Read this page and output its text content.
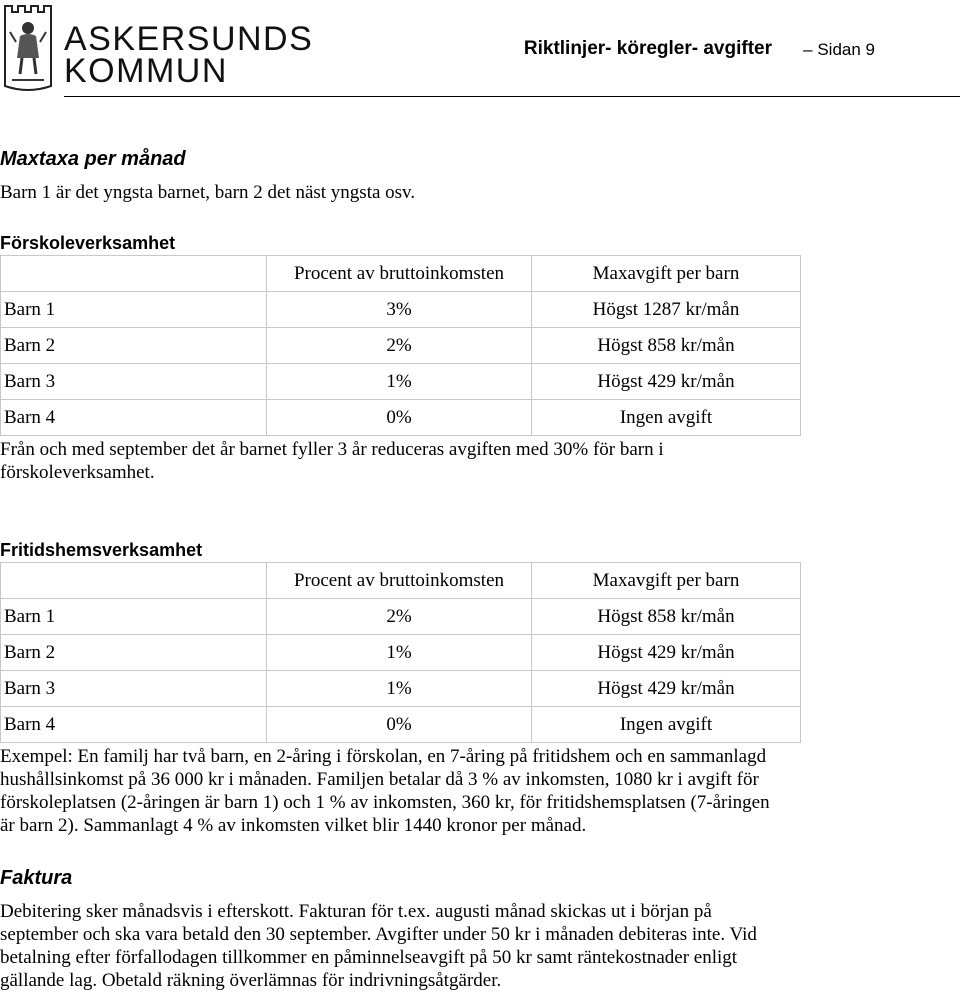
ASKERSUNDS
KOMMUN
Riktlinjer- köregler- avgifter – Sidan 9
Maxtaxa per månad
Barn 1 är det yngsta barnet, barn 2 det näst yngsta osv.
Förskoleverksamhet
	Procent av bruttoinkomsten	Maxavgift per barn
Barn 1	3%	Högst 1287 kr/mån
Barn 2	2%	Högst 858 kr/mån
Barn 3	1%	Högst 429 kr/mån
Barn 4	0%	Ingen avgift
Från och med september det år barnet fyller 3 år reduceras avgiften med 30% för barn i
förskoleverksamhet.
Fritidshemsverksamhet
	Procent av bruttoinkomsten	Maxavgift per barn
Barn 1	2%	Högst 858 kr/mån
Barn 2	1%	Högst 429 kr/mån
Barn 3	1%	Högst 429 kr/mån
Barn 4	0%	Ingen avgift
Exempel: En familj har två barn, en 2-åring i förskolan, en 7-åring på fritidshem och en sammanlagd
hushållsinkomst på 36 000 kr i månaden. Familjen betalar då 3 % av inkomsten, 1080 kr i avgift för
förskoleplatsen (2-åringen är barn 1) och 1 % av inkomsten, 360 kr, för fritidshemsplatsen (7-åringen
är barn 2). Sammanlagt 4 % av inkomsten vilket blir 1440 kronor per månad.
Faktura
Debitering sker månadsvis i efterskott. Fakturan för t.ex. augusti månad skickas ut i början på
september och ska vara betald den 30 september. Avgifter under 50 kr i månaden debiteras inte. Vid
betalning efter förfallodagen tillkommer en påminnelseavgift på 50 kr samt räntekostnader enligt
gällande lag. Obetald räkning överlämnas för indrivningsåtgärder.
